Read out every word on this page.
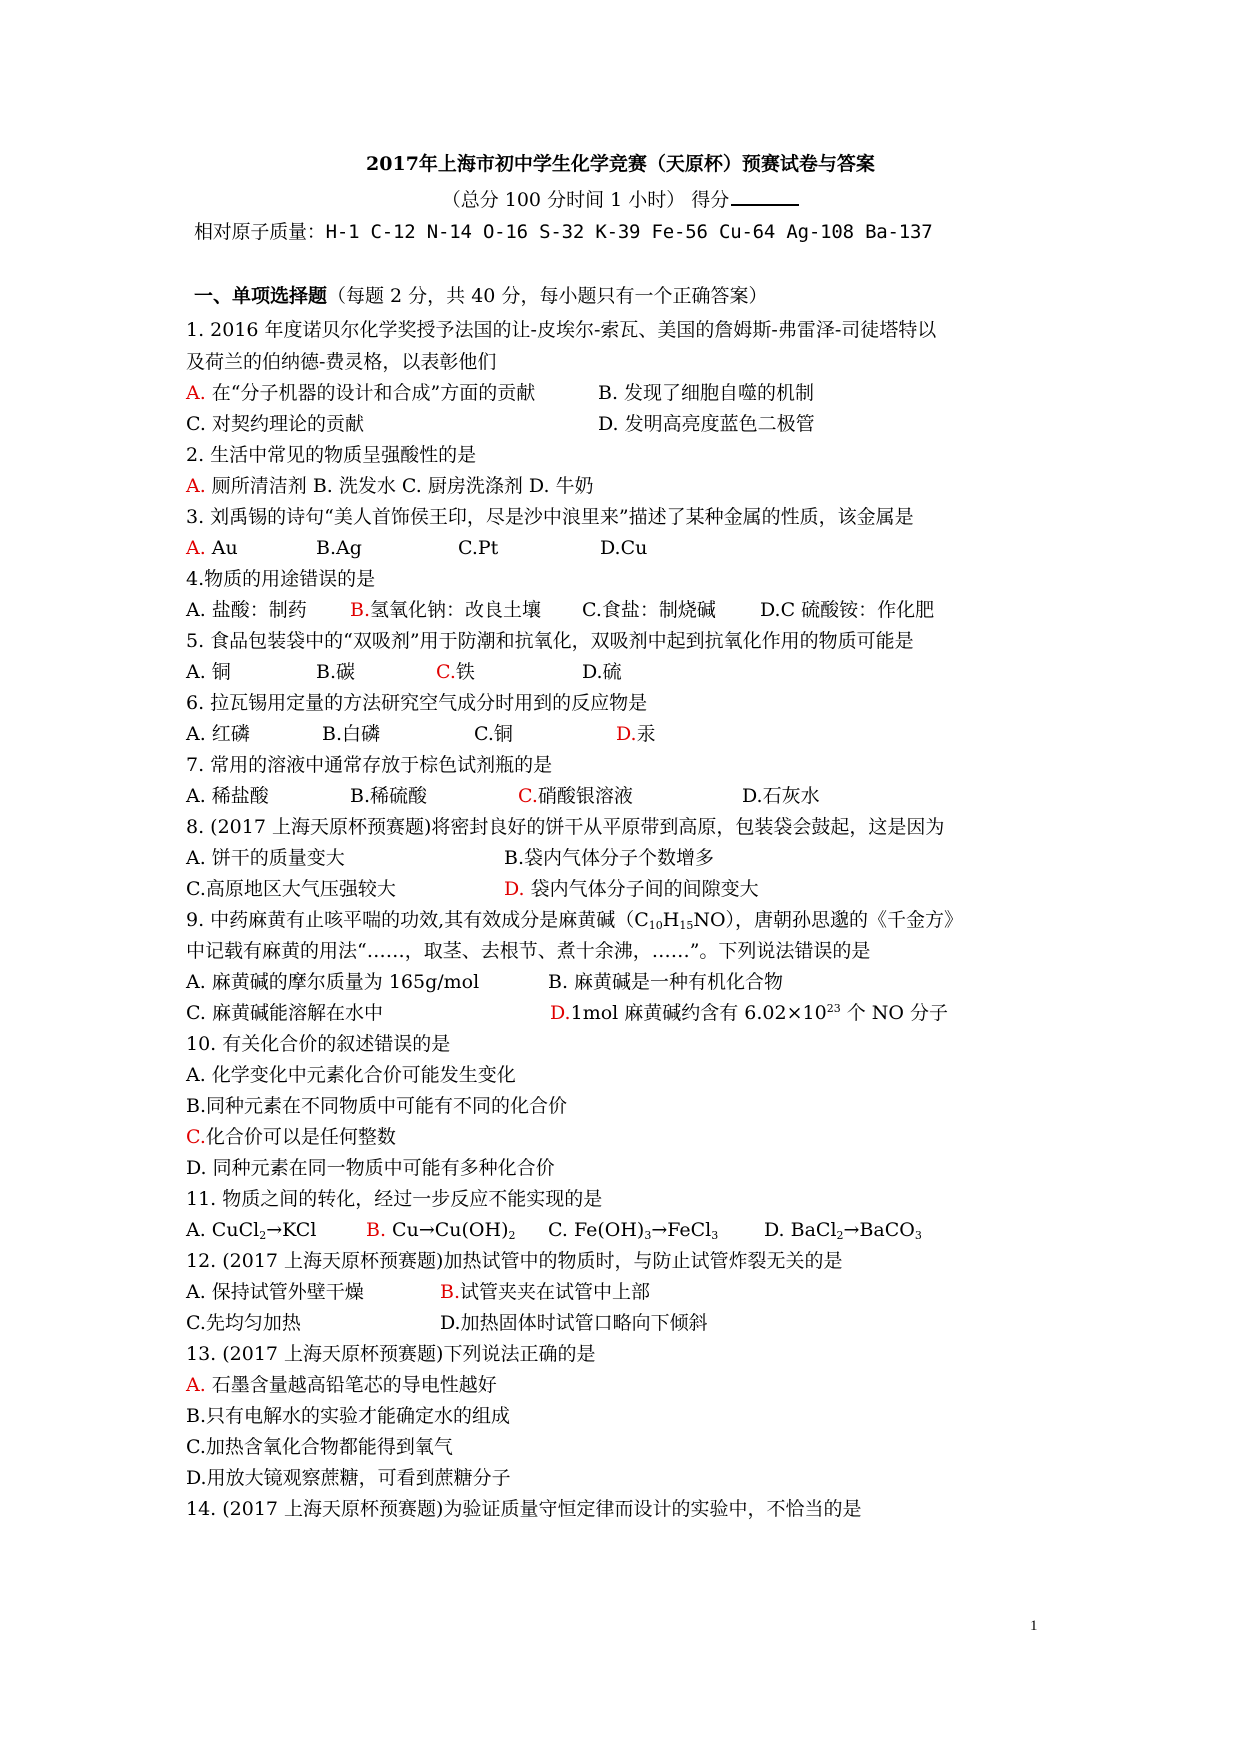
2017年上海市初中学生化学竞赛（天原杯）预赛试卷与答案
（总分 100 分时间 1 小时） 得分
相对原子质量：H-1 C-12 N-14 O-16 S-32 K-39 Fe-56 Cu-64 Ag-108 Ba-137
一、单项选择题（每题 2 分，共 40 分，每小题只有一个正确答案）
1. 2016 年度诺贝尔化学奖授予法国的让-皮埃尔-索瓦、美国的詹姆斯-弗雷泽-司徒塔特以
及荷兰的伯纳德-费灵格，以表彰他们
A. 在“分子机器的设计和合成”方面的贡献	B. 发现了细胞自噬的机制
C. 对契约理论的贡献	D. 发明高亮度蓝色二极管
2. 生活中常见的物质呈强酸性的是
A. 厕所清洁剂 B. 洗发水 C. 厨房洗涤剂 D. 牛奶
3. 刘禹锡的诗句“美人首饰侯王印，尽是沙中浪里来”描述了某种金属的性质，该金属是
A. Au	B.Ag	C.Pt	D.Cu
4.物质的用途错误的是
A. 盐酸：制药 B.氢氧化钠：改良土壤 C.食盐：制烧碱 D.C 硫酸铵：作化肥
5. 食品包装袋中的“双吸剂”用于防潮和抗氧化，双吸剂中起到抗氧化作用的物质可能是
A. 铜	B.碳	C.铁	D.硫
6. 拉瓦锡用定量的方法研究空气成分时用到的反应物是
A. 红磷	B.白磷	C.铜	D.汞
7. 常用的溶液中通常存放于棕色试剂瓶的是
A. 稀盐酸	B.稀硫酸	C.硝酸银溶液	D.石灰水
8. (2017 上海天原杯预赛题)将密封良好的饼干从平原带到高原，包装袋会鼓起，这是因为
A. 饼干的质量变大	B.袋内气体分子个数增多
C.高原地区大气压强较大	D. 袋内气体分子间的间隙变大
9. 中药麻黄有止咳平喘的功效,其有效成分是麻黄碱$(C_{10}H_{15}NO)$，唐朝孙思邈的《千金方》
中记载有麻黄的用法“……，取茎、去根节、煮十余沸，……”。下列说法错误的是
A. 麻黄碱的摩尔质量为 165g/mol	B. 麻黄碱是一种有机化合物
C. 麻黄碱能溶解在水中	D.1mol 麻黄碱约含有 $6.02\times 10^{23}$ 个 NO 分子
10. 有关化合价的叙述错误的是
A. 化学变化中元素化合价可能发生变化
B.同种元素在不同物质中可能有不同的化合价
C.化合价可以是任何整数
D. 同种元素在同一物质中可能有多种化合价
11. 物质之间的转化，经过一步反应不能实现的是
A. CuCl$_2$→KCl	B. $Cu\to Cu(OH)_2$ C. $Fe(OH)_3\to FeCl_3$ D. BaCl$_2$→BaCO$_3$
12. (2017 上海天原杯预赛题)加热试管中的物质时，与防止试管炸裂无关的是
A. 保持试管外壁干燥	B.试管夹夹在试管中上部
C.先均匀加热	D.加热固体时试管口略向下倾斜
13. (2017 上海天原杯预赛题)下列说法正确的是
A. 石墨含量越高铅笔芯的导电性越好
B.只有电解水的实验才能确定水的组成
C.加热含氧化合物都能得到氧气
D.用放大镜观察蔗糖，可看到蔗糖分子
14. (2017 上海天原杯预赛题)为验证质量守恒定律而设计的实验中，不恰当的是
1
